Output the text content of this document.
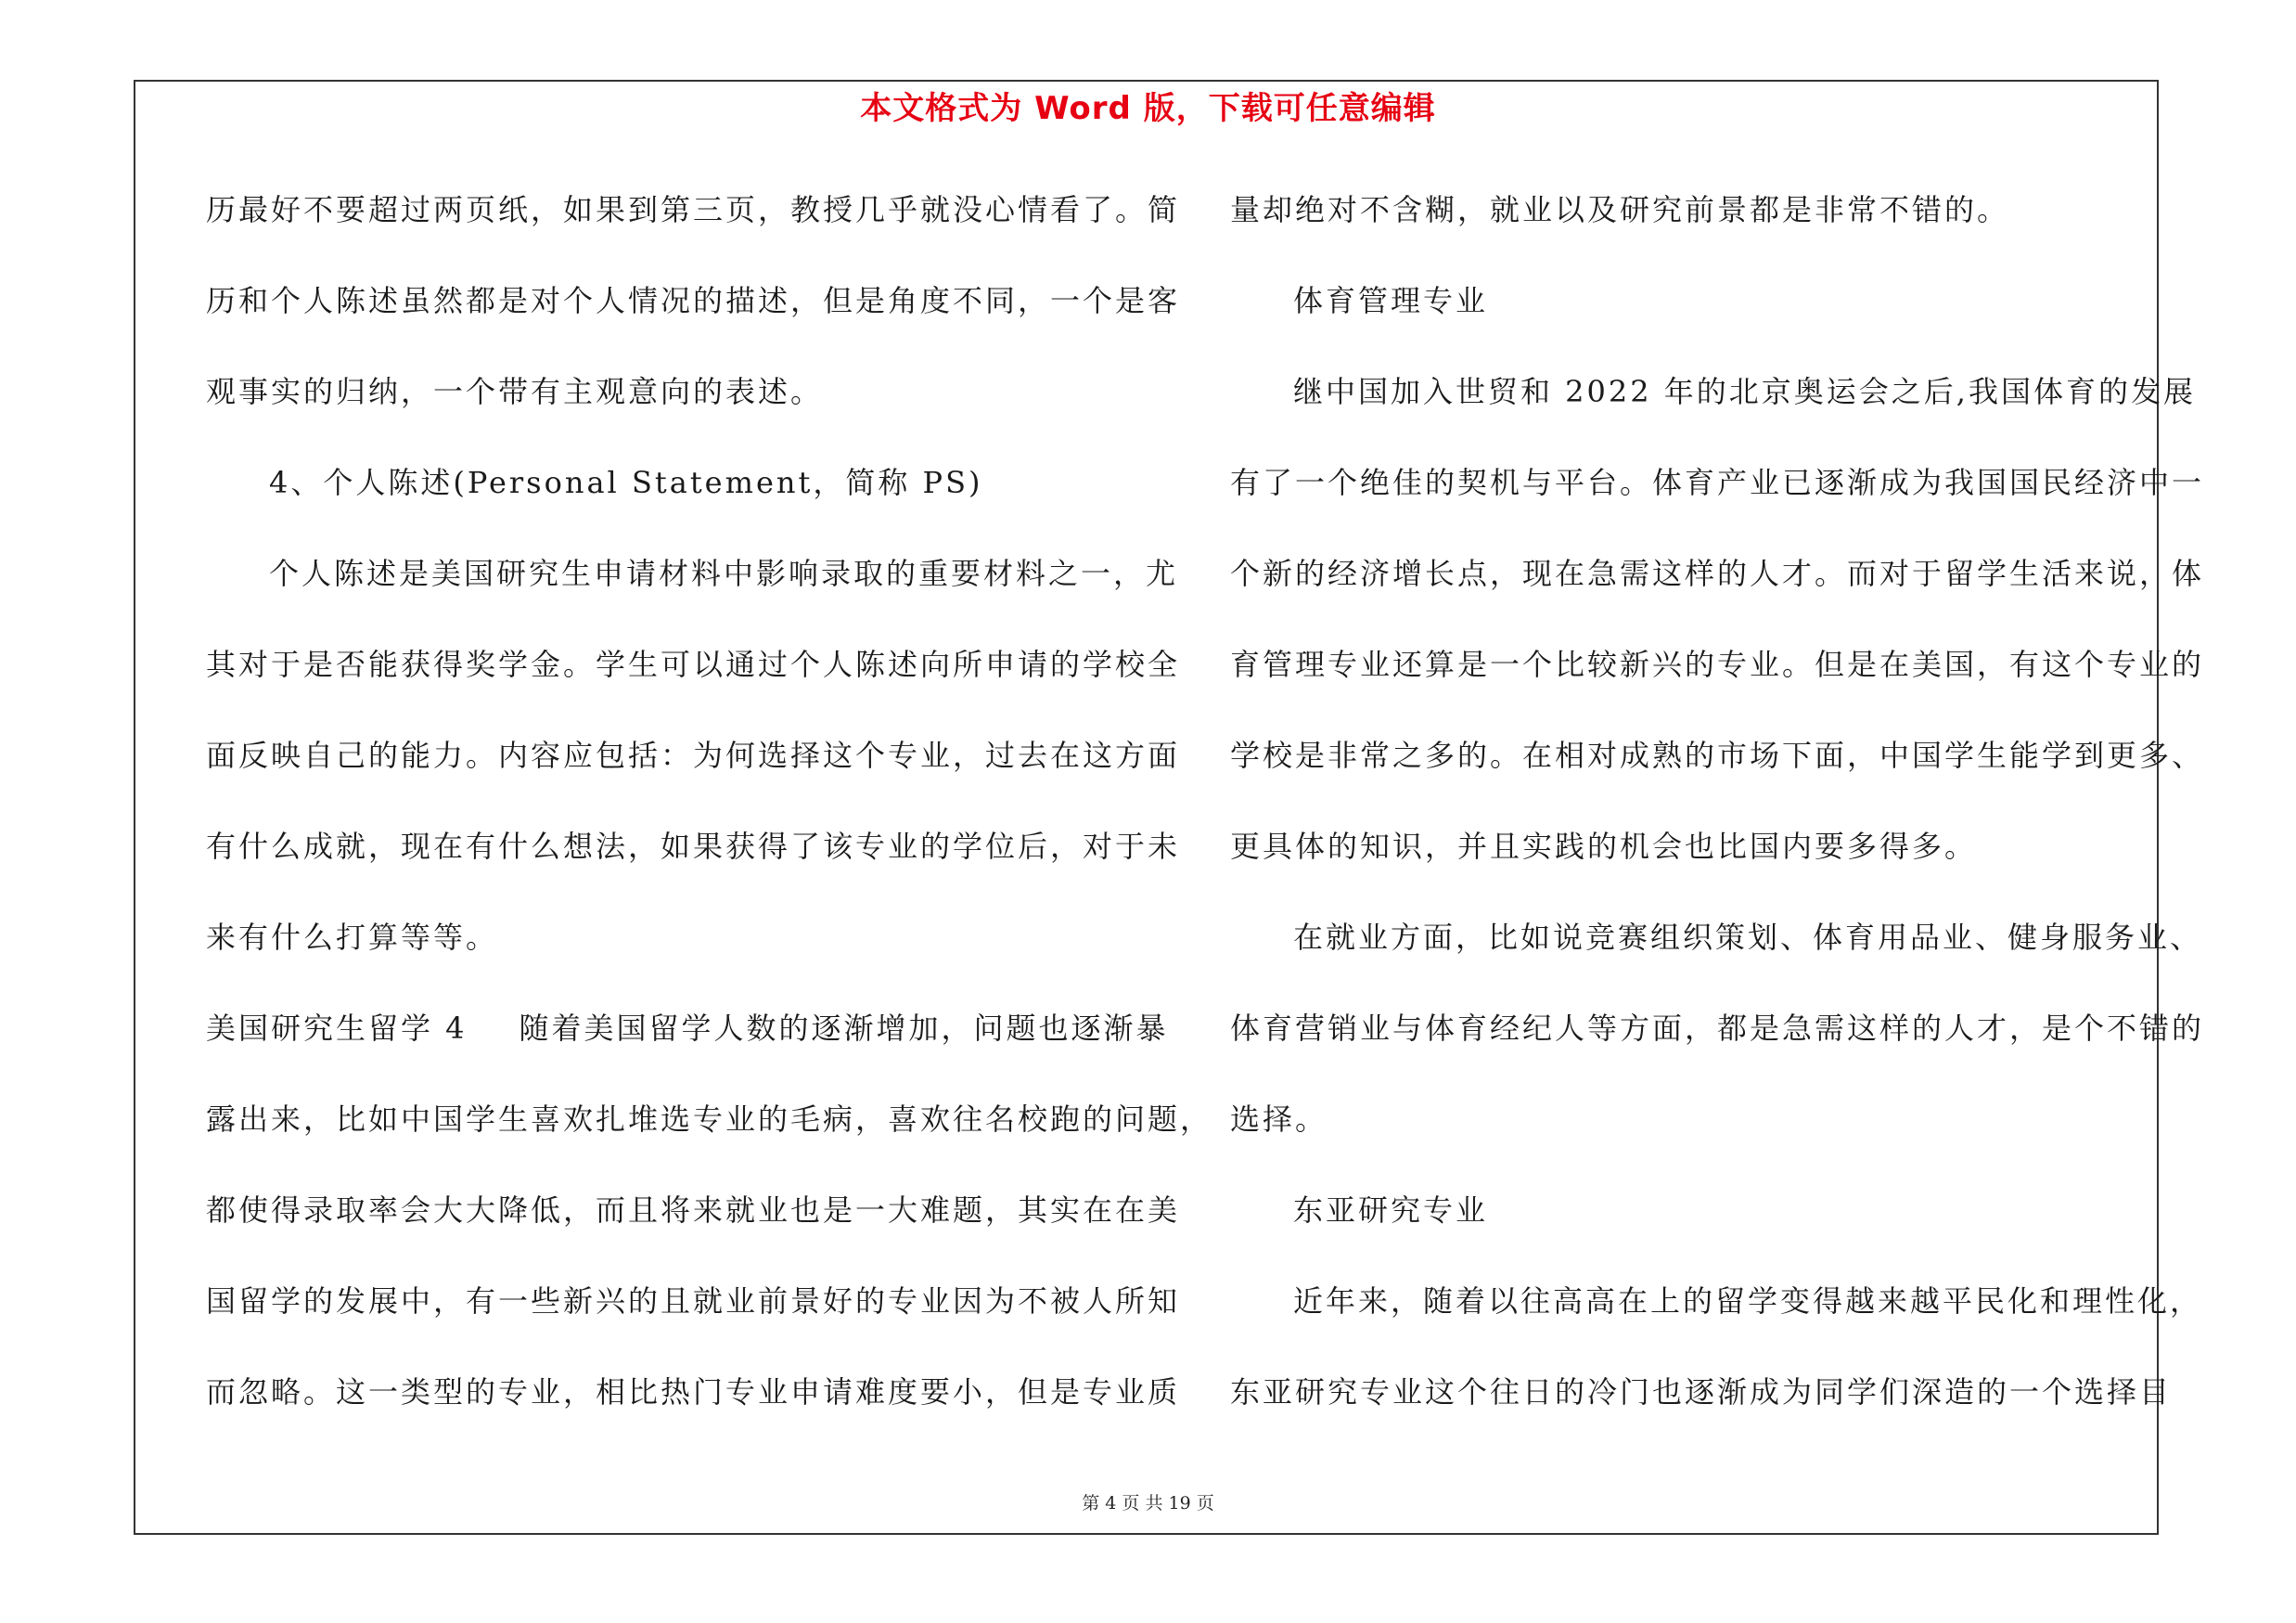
本文格式为 Word 版，下载可任意编辑
历最好不要超过两页纸，如果到第三页，教授几乎就没心情看了。简
历和个人陈述虽然都是对个人情况的描述，但是角度不同，一个是客
观事实的归纳，一个带有主观意向的表述。
4、个人陈述(Personal Statement，简称 PS)
个人陈述是美国研究生申请材料中影响录取的重要材料之一，尤
其对于是否能获得奖学金。学生可以通过个人陈述向所申请的学校全
面反映自己的能力。内容应包括：为何选择这个专业，过去在这方面
有什么成就，现在有什么想法，如果获得了该专业的学位后，对于未
来有什么打算等等。
美国研究生留学 4 随着美国留学人数的逐渐增加，问题也逐渐暴
露出来，比如中国学生喜欢扎堆选专业的毛病，喜欢往名校跑的问题，
都使得录取率会大大降低，而且将来就业也是一大难题，其实在在美
国留学的发展中，有一些新兴的且就业前景好的专业因为不被人所知
而忽略。这一类型的专业，相比热门专业申请难度要小，但是专业质
量却绝对不含糊，就业以及研究前景都是非常不错的。
体育管理专业
继中国加入世贸和 2022 年的北京奥运会之后,我国体育的发展
有了一个绝佳的契机与平台。体育产业已逐渐成为我国国民经济中一
个新的经济增长点，现在急需这样的人才。而对于留学生活来说，体
育管理专业还算是一个比较新兴的专业。但是在美国，有这个专业的
学校是非常之多的。在相对成熟的市场下面，中国学生能学到更多、
更具体的知识，并且实践的机会也比国内要多得多。
在就业方面，比如说竞赛组织策划、体育用品业、健身服务业、
体育营销业与体育经纪人等方面，都是急需这样的人才，是个不错的
选择。
东亚研究专业
近年来，随着以往高高在上的留学变得越来越平民化和理性化，
东亚研究专业这个往日的冷门也逐渐成为同学们深造的一个选择目
第 4 页 共 19 页
